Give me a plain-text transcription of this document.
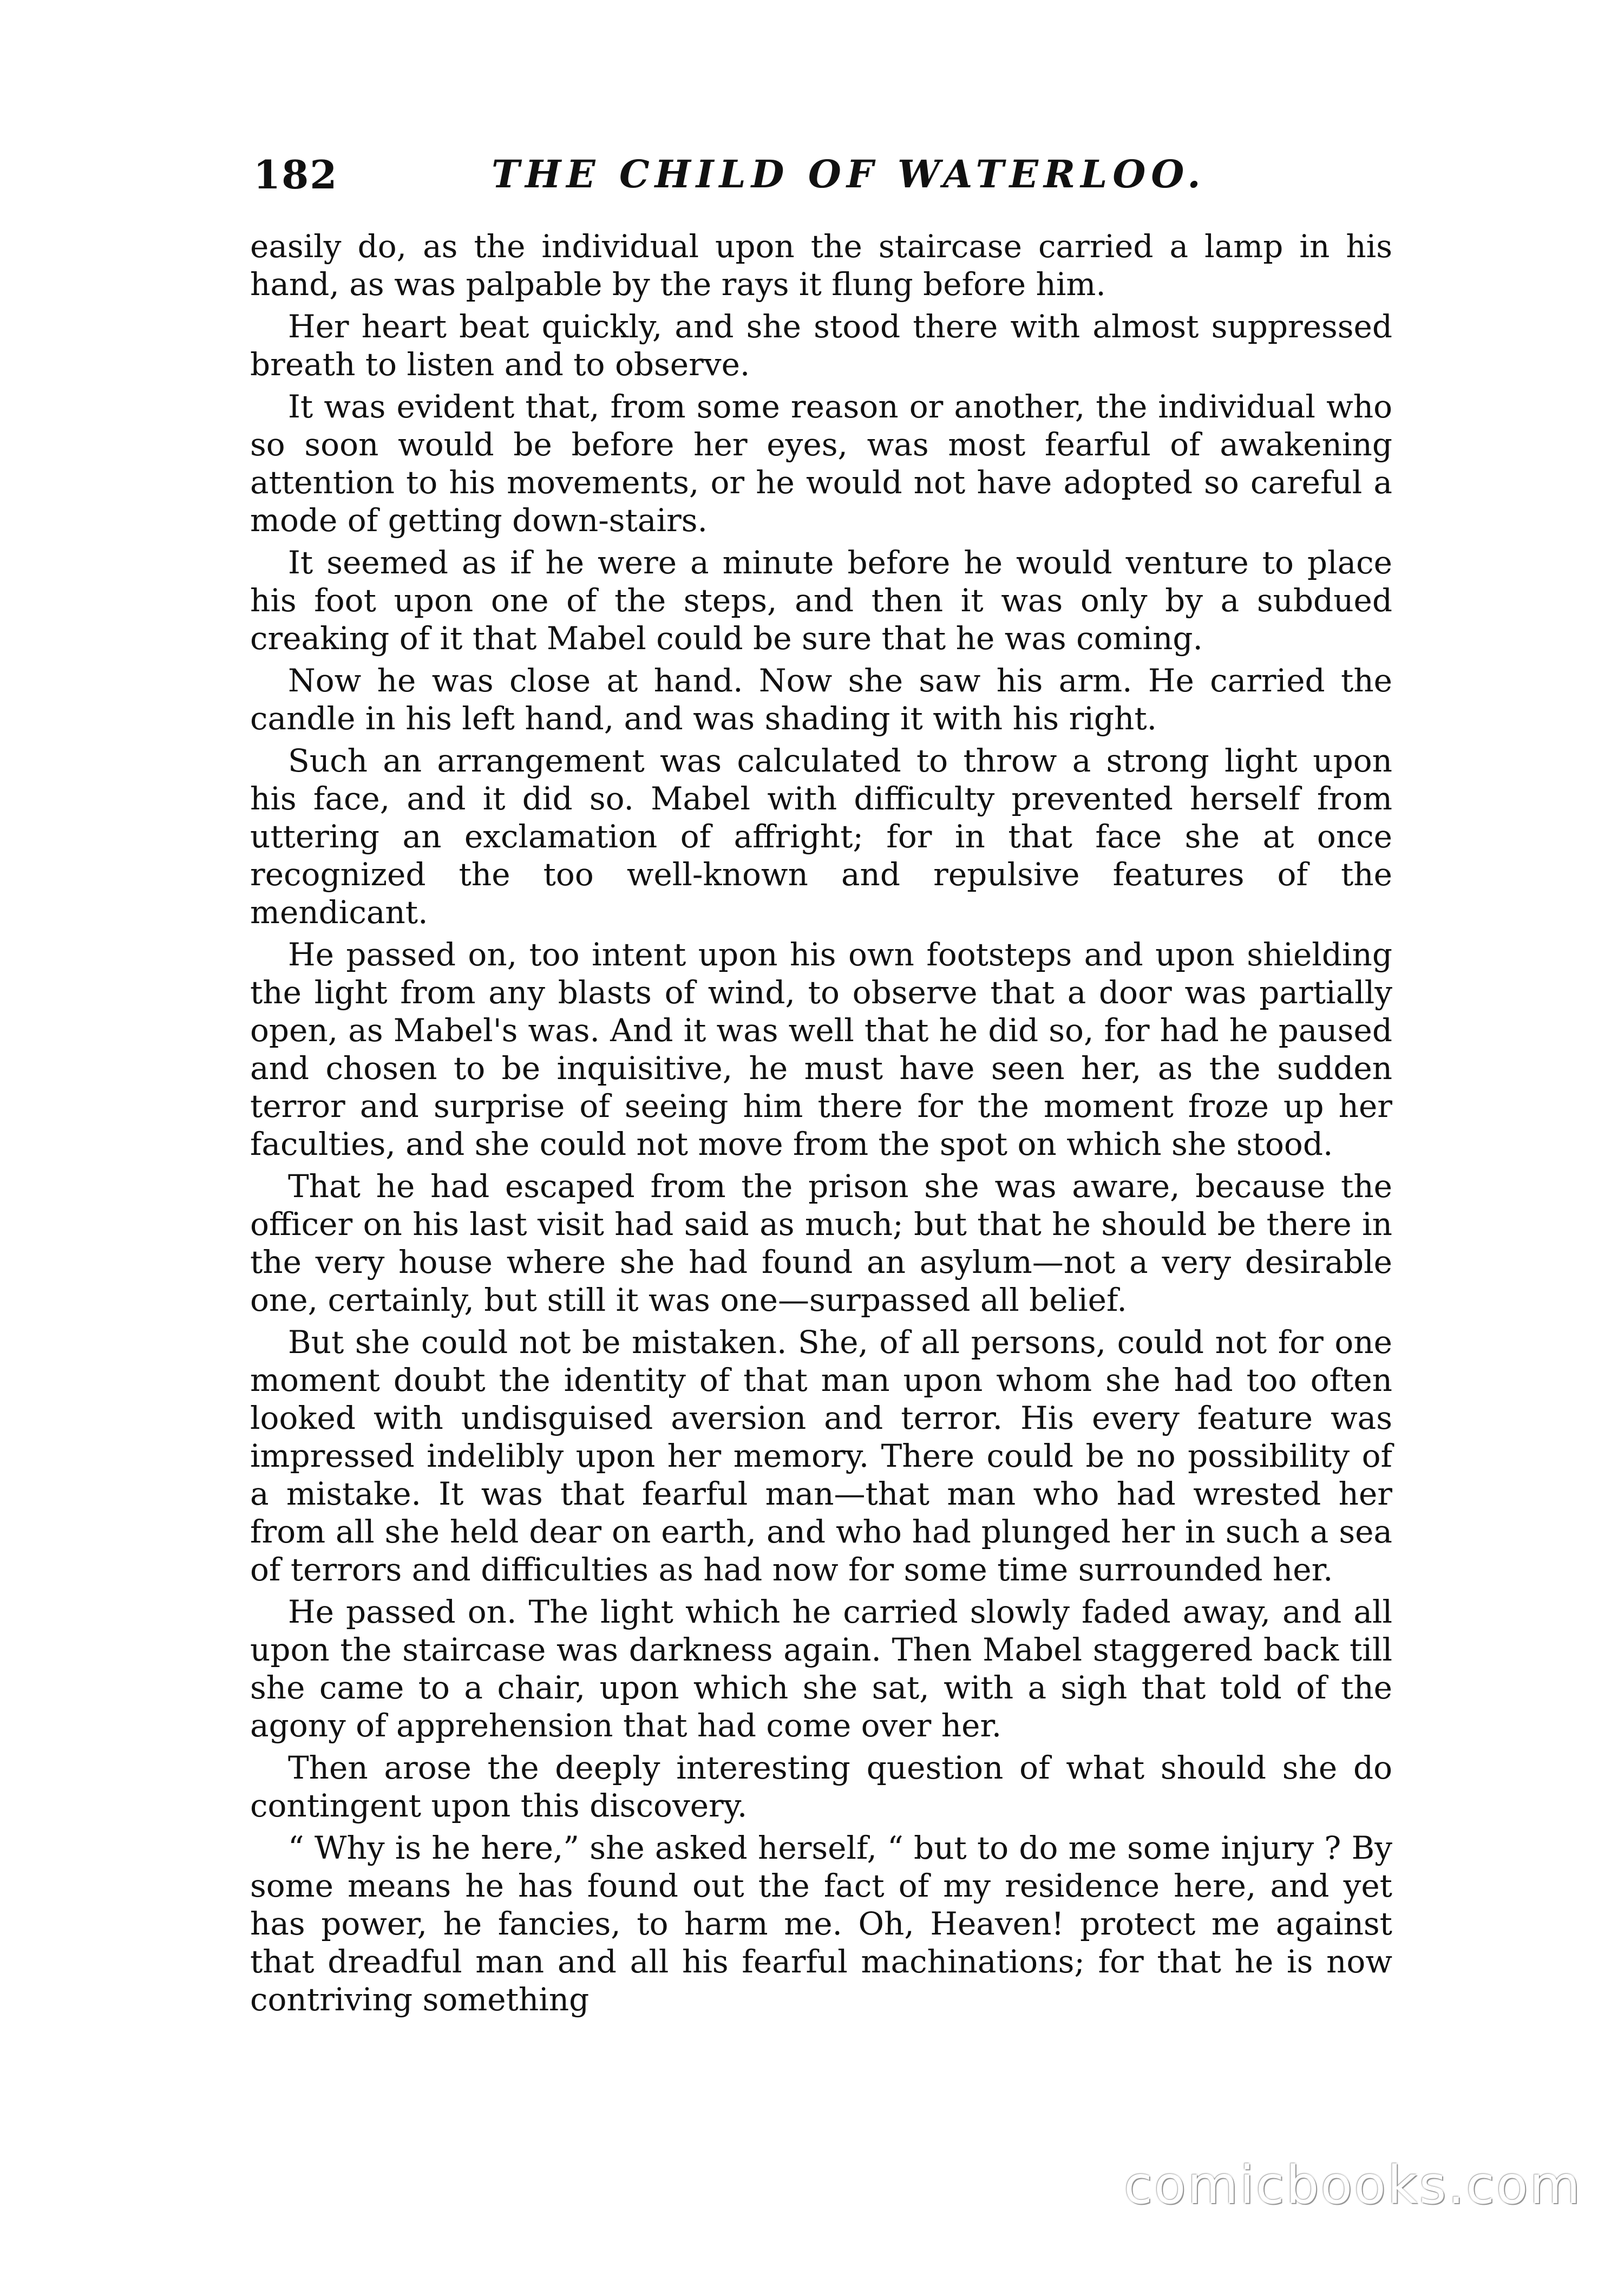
182	THE CHILD OF WATERLOO.

easily do, as the individual upon the staircase carried a lamp in his hand, as was palpable by the rays it flung before him.

Her heart beat quickly, and she stood there with almost suppressed breath to listen and to observe.

It was evident that, from some reason or another, the individual who so soon would be before her eyes, was most fearful of awakening attention to his movements, or he would not have adopted so careful a mode of getting down-stairs.

It seemed as if he were a minute before he would venture to place his foot upon one of the steps, and then it was only by a subdued creaking of it that Mabel could be sure that he was coming.

Now he was close at hand. Now she saw his arm. He carried the candle in his left hand, and was shading it with his right.

Such an arrangement was calculated to throw a strong light upon his face, and it did so. Mabel with difficulty prevented herself from uttering an exclamation of affright; for in that face she at once recognized the too well-known and repulsive features of the mendicant.

He passed on, too intent upon his own footsteps and upon shielding the light from any blasts of wind, to observe that a door was partially open, as Mabel's was. And it was well that he did so, for had he paused and chosen to be inquisitive, he must have seen her, as the sudden terror and surprise of seeing him there for the moment froze up her faculties, and she could not move from the spot on which she stood.

That he had escaped from the prison she was aware, because the officer on his last visit had said as much; but that he should be there in the very house where she had found an asylum—not a very desirable one, certainly, but still it was one—surpassed all belief.

But she could not be mistaken. She, of all persons, could not for one moment doubt the identity of that man upon whom she had too often looked with undisguised aversion and terror. His every feature was impressed indelibly upon her memory. There could be no possibility of a mistake. It was that fearful man—that man who had wrested her from all she held dear on earth, and who had plunged her in such a sea of terrors and difficulties as had now for some time surrounded her.

He passed on. The light which he carried slowly faded away, and all upon the staircase was darkness again. Then Mabel staggered back till she came to a chair, upon which she sat, with a sigh that told of the agony of apprehension that had come over her.

Then arose the deeply interesting question of what should she do contingent upon this discovery.

“ Why is he here,” she asked herself, “ but to do me some injury ? By some means he has found out the fact of my residence here, and yet has power, he fancies, to harm me. Oh, Heaven! protect me against that dreadful man and all his fearful machinations; for that he is now contriving something

comicbooks.com
